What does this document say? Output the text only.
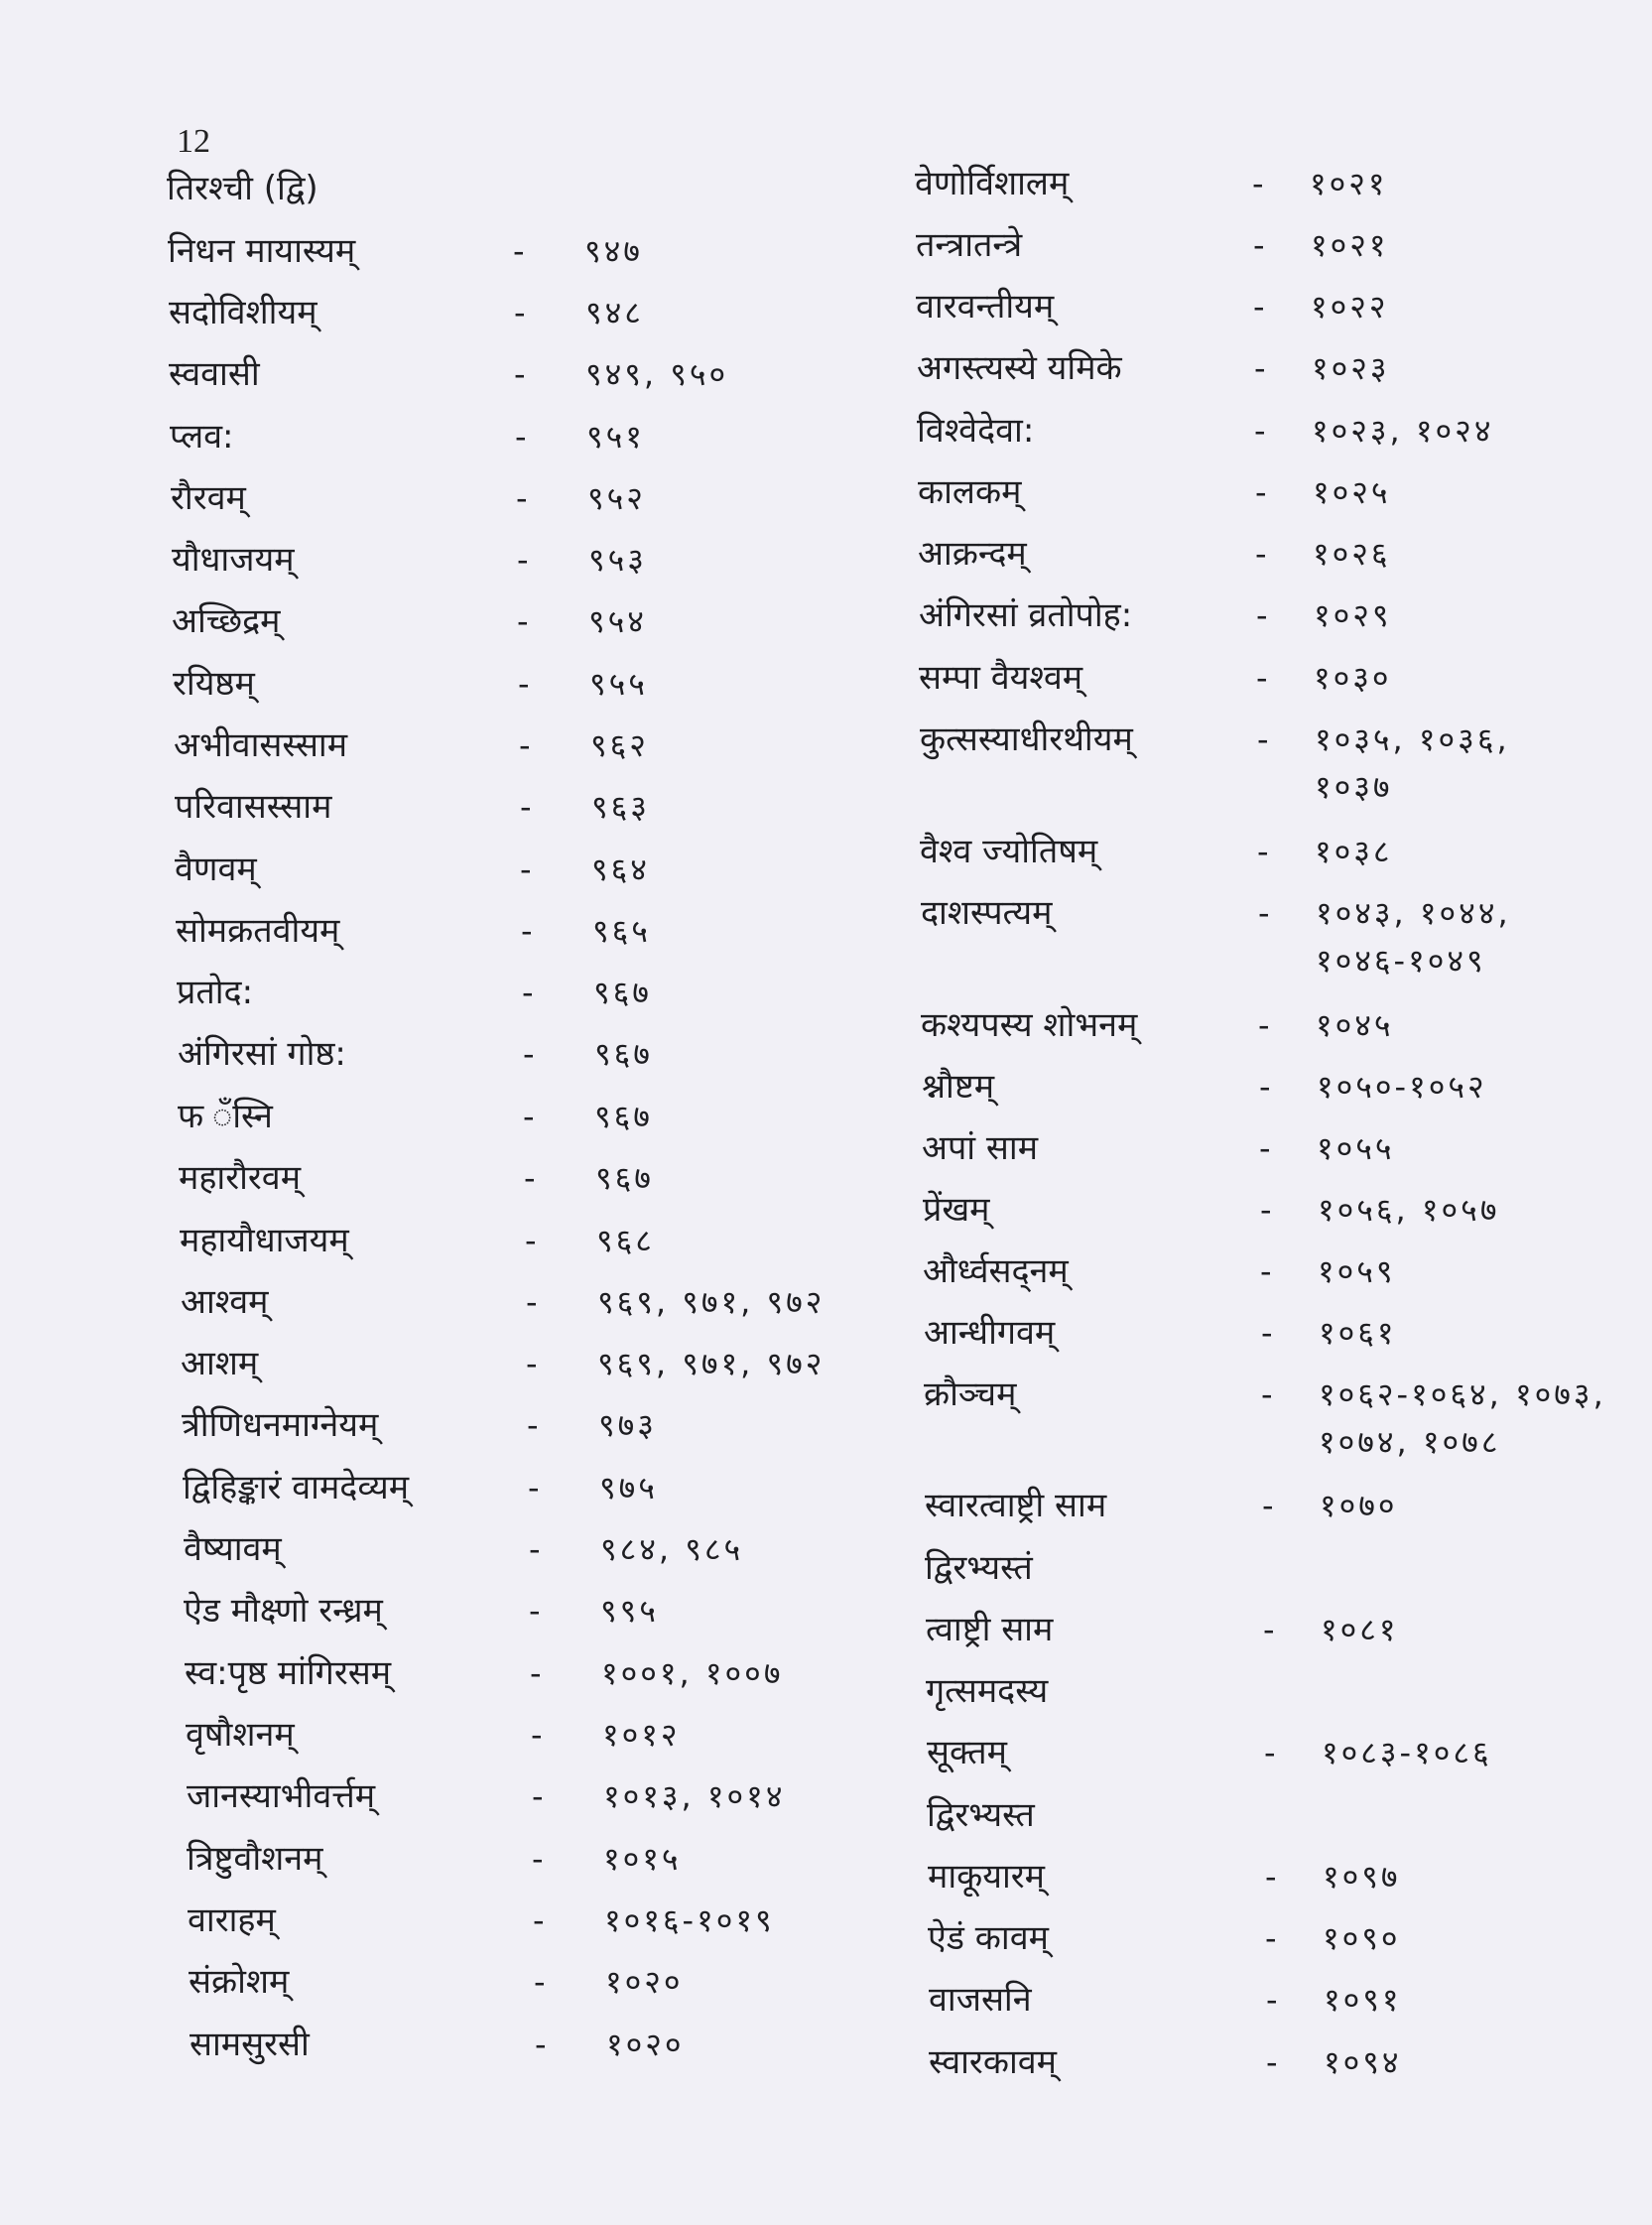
12
तिरश्ची (द्वि)
निधन मायास्यम्	- ९४७
सदोविशीयम्	- ९४८
स्ववासी	- ९४९, ९५०
प्लव:	- ९५१
रौरवम्	- ९५२
यौधाजयम्	- ९५३
अच्छिद्रम्	- ९५४
रयिष्ठम्	- ९५५
अभीवासस्साम	- ९६२
परिवासस्साम	- ९६३
वैणवम्	- ९६४
सोमक्रतवीयम्	- ९६५
प्रतोद:	- ९६७
अंगिरसां गोष्ठ:	- ९६७
फ ँस्नि	- ९६७
महारौरवम्	- ९६७
महायौधाजयम्	- ९६८
आश्वम्	- ९६९, ९७१, ९७२
आशम्	- ९६९, ९७१, ९७२
त्रीणिधनमाग्नेयम्	- ९७३
द्विहिङ्कारं वामदेव्यम्	- ९७५
वैष्यावम्	- ९८४, ९८५
ऐड मौक्ष्णो रन्ध्रम्	- ९९५
स्व:पृष्ठ मांगिरसम्	- १००१, १००७
वृषौशनम्	- १०१२
जानस्याभीवर्त्तम्	- १०१३, १०१४
त्रिष्टुवौशनम्	- १०१५
वाराहम्	- १०१६-१०१९
संक्रोशम्	- १०२०
सामसुरसी	- १०२०
वेणोर्विशालम्	- १०२१
तन्त्रातन्त्रे	- १०२१
वारवन्तीयम्	- १०२२
अगस्त्यस्ये यमिके	- १०२३
विश्वेदेवा:	- १०२३, १०२४
कालकम्	- १०२५
आक्रन्दम्	- १०२६
अंगिरसां व्रतोपोह:	- १०२९
सम्पा वैयश्वम्	- १०३०
कुत्सस्याधीरथीयम्	- १०३५, १०३६,
१०३७
वैश्व ज्योतिषम्	- १०३८
दाशस्पत्यम्	- १०४३, १०४४,
१०४६-१०४९
कश्यपस्य शोभनम्	- १०४५
श्नौष्टम्	- १०५०-१०५२
अपां साम	- १०५५
प्रेंखम्	- १०५६, १०५७
और्ध्वसद्नम्	- १०५९
आन्धीगवम्	- १०६१
क्रौञ्चम्	- १०६२-१०६४, १०७३,
१०७४, १०७८
स्वारत्वाष्ट्री साम	- १०७०
द्विरभ्यस्तं
त्वाष्ट्री साम	- १०८१
गृत्समदस्य
सूक्तम्	- १०८३-१०८६
द्विरभ्यस्त
माकूयारम्	- १०९७
ऐडं कावम्	- १०९०
वाजसनि	- १०९१
स्वारकावम्	- १०९४
